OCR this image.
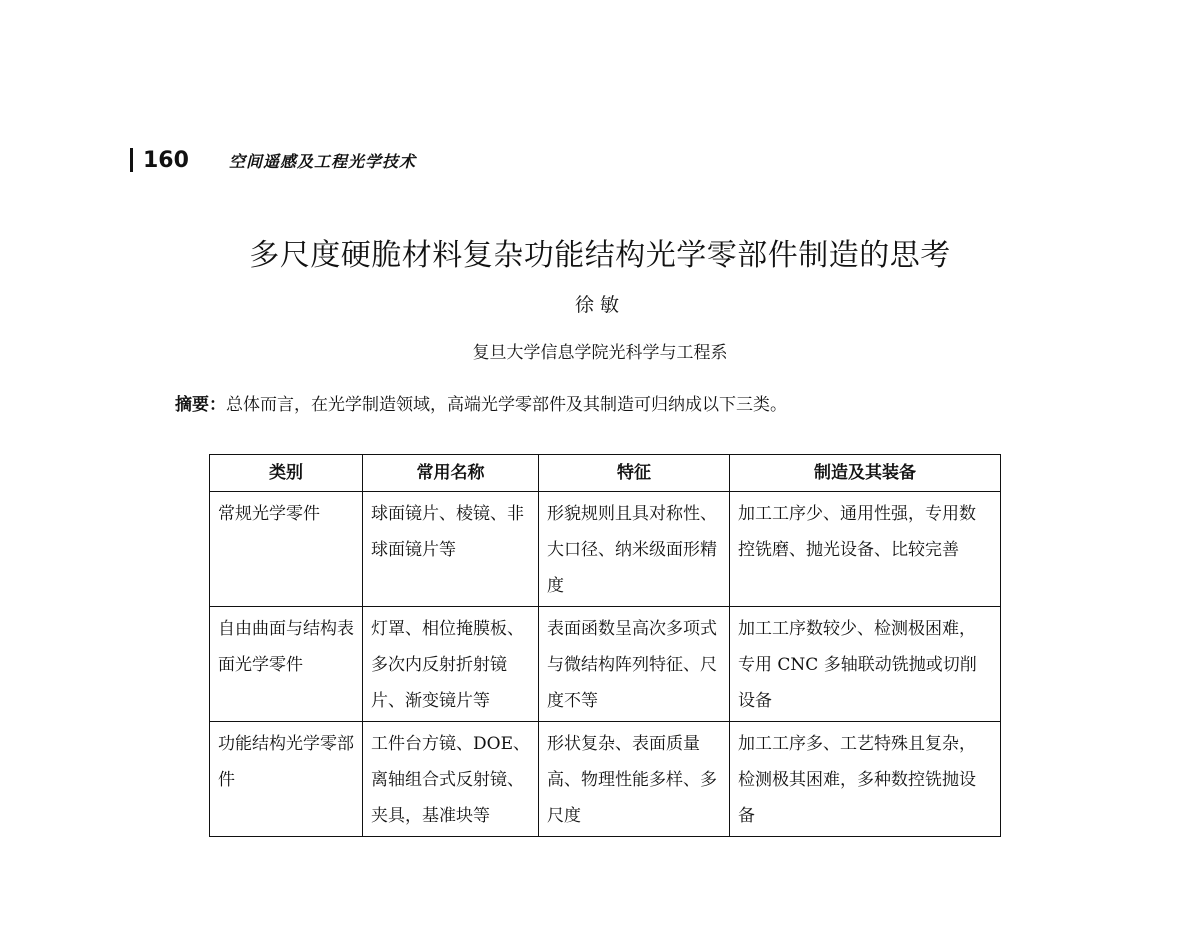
160	空间遥感及工程光学技术
多尺度硬脆材料复杂功能结构光学零部件制造的思考
徐敏
复旦大学信息学院光科学与工程系
摘要：总体而言，在光学制造领域，高端光学零部件及其制造可归纳成以下三类。
类别	常用名称	特征	制造及其装备

常规光学零件	球面镜片、棱镜、非球面镜片等	形貌规则且具对称性、大口径、纳米级面形精度	加工工序少、通用性强，专用数控铣磨、抛光设备、比较完善

自由曲面与结构表面光学零件	灯罩、相位掩膜板、多次内反射折射镜片、渐变镜片等	表面函数呈高次多项式与微结构阵列特征、尺度不等	加工工序数较少、检测极困难，专用 CNC 多轴联动铣抛或切削设备

功能结构光学零部件	工件台方镜、DOE、离轴组合式反射镜、夹具，基准块等	形状复杂、表面质量高、物理性能多样、多尺度	加工工序多、工艺特殊且复杂，检测极其困难，多种数控铣抛设备
